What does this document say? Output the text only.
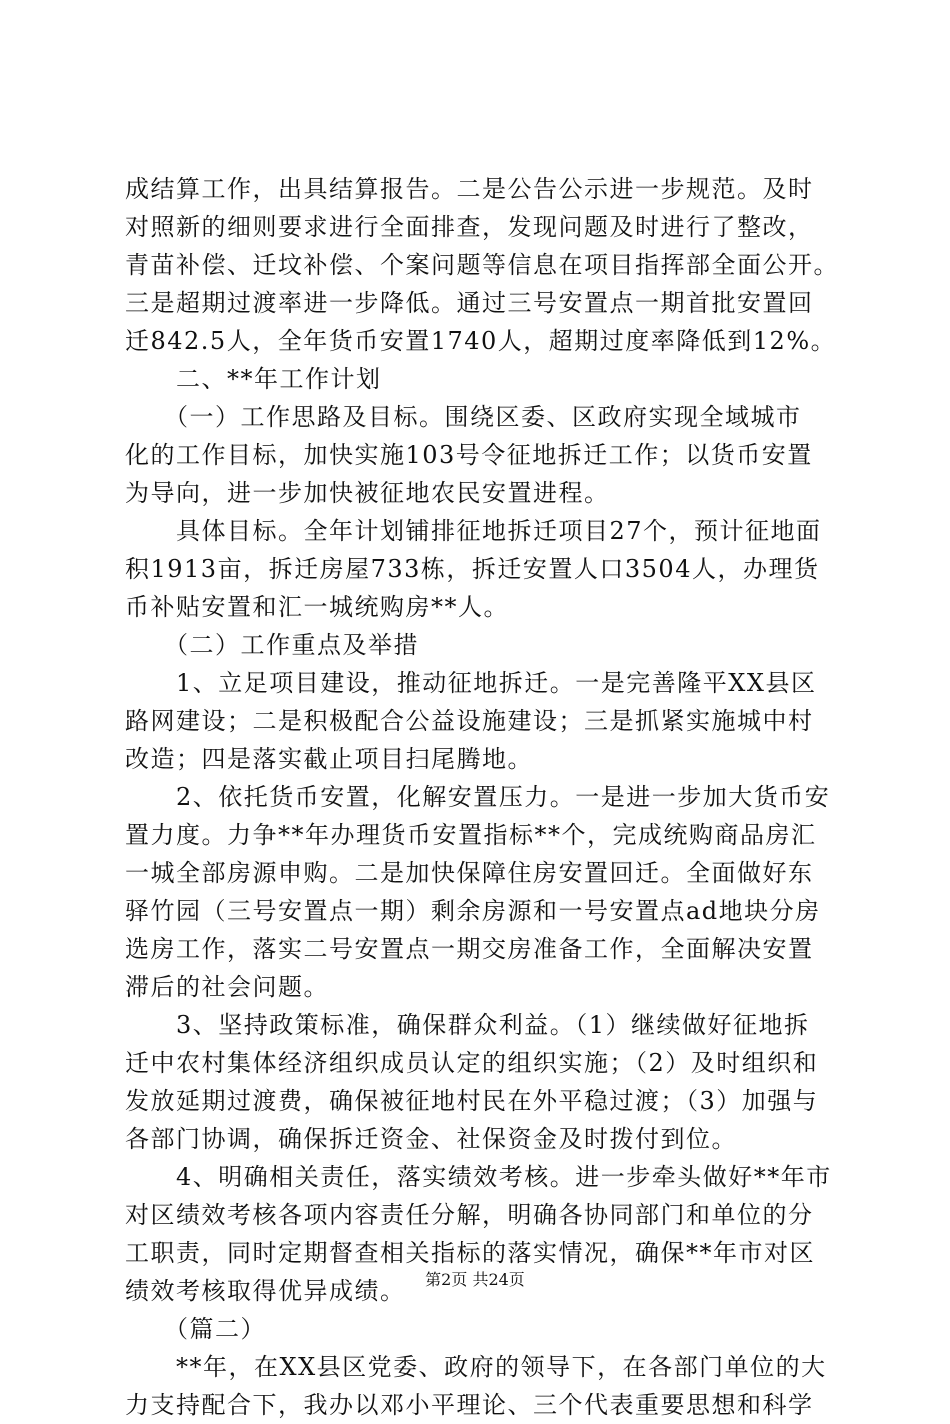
成结算工作，出具结算报告。二是公告公示进一步规范。及时
对照新的细则要求进行全面排查，发现问题及时进行了整改，
青苗补偿、迁坟补偿、个案问题等信息在项目指挥部全面公开。
三是超期过渡率进一步降低。通过三号安置点一期首批安置回
迁842.5人，全年货币安置1740人，超期过度率降低到12%。
　　二、**年工作计划
　　（一）工作思路及目标。围绕区委、区政府实现全域城市
化的工作目标，加快实施103号令征地拆迁工作；以货币安置
为导向，进一步加快被征地农民安置进程。
　　具体目标。全年计划铺排征地拆迁项目27个，预计征地面
积1913亩，拆迁房屋733栋，拆迁安置人口3504人，办理货
币补贴安置和汇一城统购房**人。
　　（二）工作重点及举措
　　1、立足项目建设，推动征地拆迁。一是完善隆平XX县区
路网建设；二是积极配合公益设施建设；三是抓紧实施城中村
改造；四是落实截止项目扫尾腾地。
　　2、依托货币安置，化解安置压力。一是进一步加大货币安
置力度。力争**年办理货币安置指标**个，完成统购商品房汇
一城全部房源申购。二是加快保障住房安置回迁。全面做好东
驿竹园（三号安置点一期）剩余房源和一号安置点ad地块分房
选房工作，落实二号安置点一期交房准备工作，全面解决安置
滞后的社会问题。
　　3、坚持政策标准，确保群众利益。（1）继续做好征地拆
迁中农村集体经济组织成员认定的组织实施；（2）及时组织和
发放延期过渡费，确保被征地村民在外平稳过渡；（3）加强与
各部门协调，确保拆迁资金、社保资金及时拨付到位。
　　4、明确相关责任，落实绩效考核。进一步牵头做好**年市
对区绩效考核各项内容责任分解，明确各协同部门和单位的分
工职责，同时定期督查相关指标的落实情况，确保**年市对区
绩效考核取得优异成绩。
　　（篇二）
　　**年，在XX县区党委、政府的领导下，在各部门单位的大
力支持配合下，我办以邓小平理论、三个代表重要思想和科学
第2页 共24页
